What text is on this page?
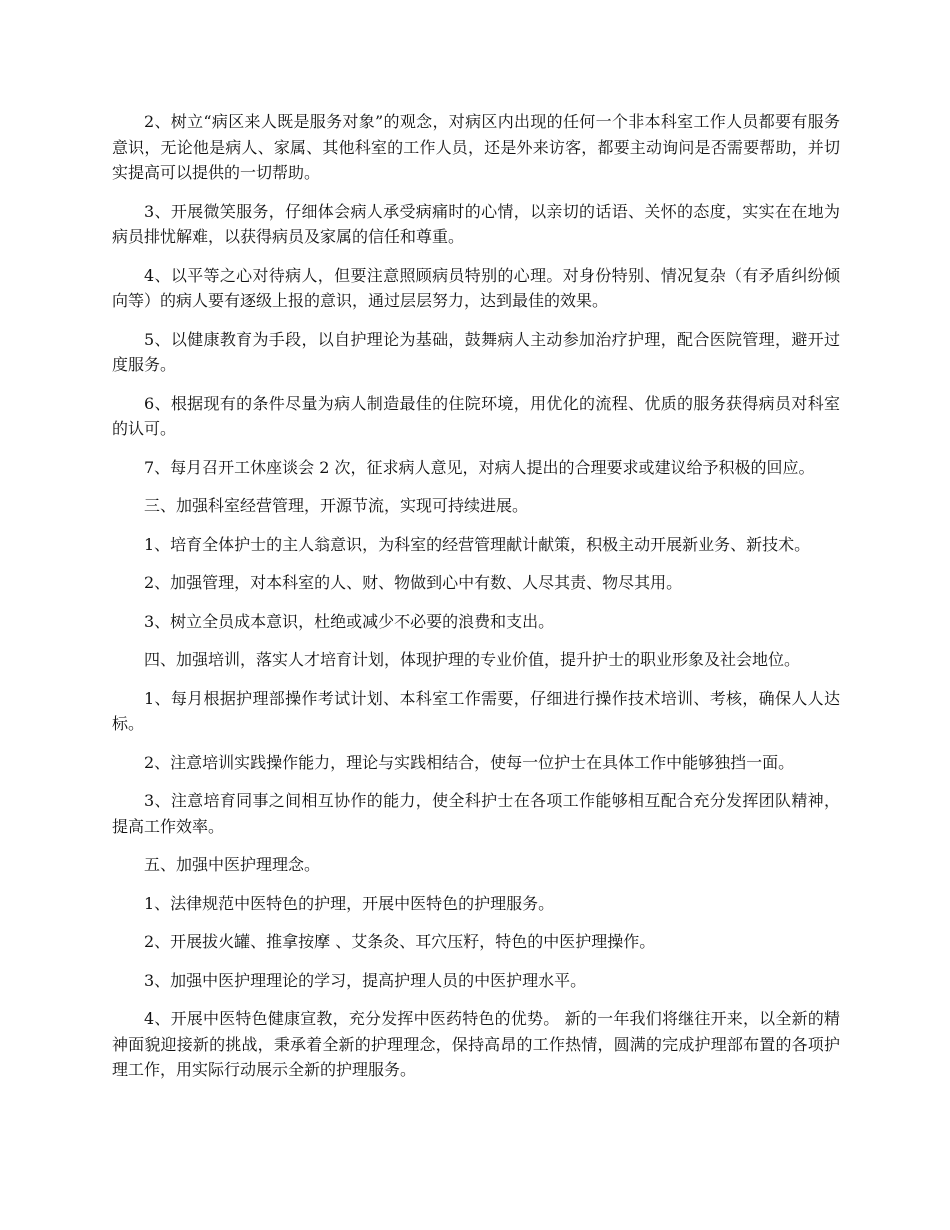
2、树立“病区来人既是服务对象”的观念，对病区内出现的任何一个非本科室工作人员都要有服务意识，无论他是病人、家属、其他科室的工作人员，还是外来访客，都要主动询问是否需要帮助，并切实提高可以提供的一切帮助。

3、开展微笑服务，仔细体会病人承受病痛时的心情，以亲切的话语、关怀的态度，实实在在地为病员排忧解难，以获得病员及家属的信任和尊重。

4、以平等之心对待病人，但要注意照顾病员特别的心理。对身份特别、情况复杂（有矛盾纠纷倾向等）的病人要有逐级上报的意识，通过层层努力，达到最佳的效果。

5、以健康教育为手段，以自护理论为基础，鼓舞病人主动参加治疗护理，配合医院管理，避开过度服务。

6、根据现有的条件尽量为病人制造最佳的住院环境，用优化的流程、优质的服务获得病员对科室的认可。

7、每月召开工休座谈会 2 次，征求病人意见，对病人提出的合理要求或建议给予积极的回应。

三、加强科室经营管理，开源节流，实现可持续进展。

1、培育全体护士的主人翁意识，为科室的经营管理献计献策，积极主动开展新业务、新技术。

2、加强管理，对本科室的人、财、物做到心中有数、人尽其责、物尽其用。

3、树立全员成本意识，杜绝或减少不必要的浪费和支出。

四、加强培训，落实人才培育计划，体现护理的专业价值，提升护士的职业形象及社会地位。

1、每月根据护理部操作考试计划、本科室工作需要，仔细进行操作技术培训、考核，确保人人达标。

2、注意培训实践操作能力，理论与实践相结合，使每一位护士在具体工作中能够独挡一面。

3、注意培育同事之间相互协作的能力，使全科护士在各项工作能够相互配合充分发挥团队精神，提高工作效率。

五、加强中医护理理念。

1、法律规范中医特色的护理，开展中医特色的护理服务。

2、开展拔火罐、推拿按摩 、艾条灸、耳穴压籽，特色的中医护理操作。

3、加强中医护理理论的学习，提高护理人员的中医护理水平。

4、开展中医特色健康宣教，充分发挥中医药特色的优势。 新的一年我们将继往开来，以全新的精神面貌迎接新的挑战，秉承着全新的护理理念，保持高昂的工作热情，圆满的完成护理部布置的各项护理工作，用实际行动展示全新的护理服务。
